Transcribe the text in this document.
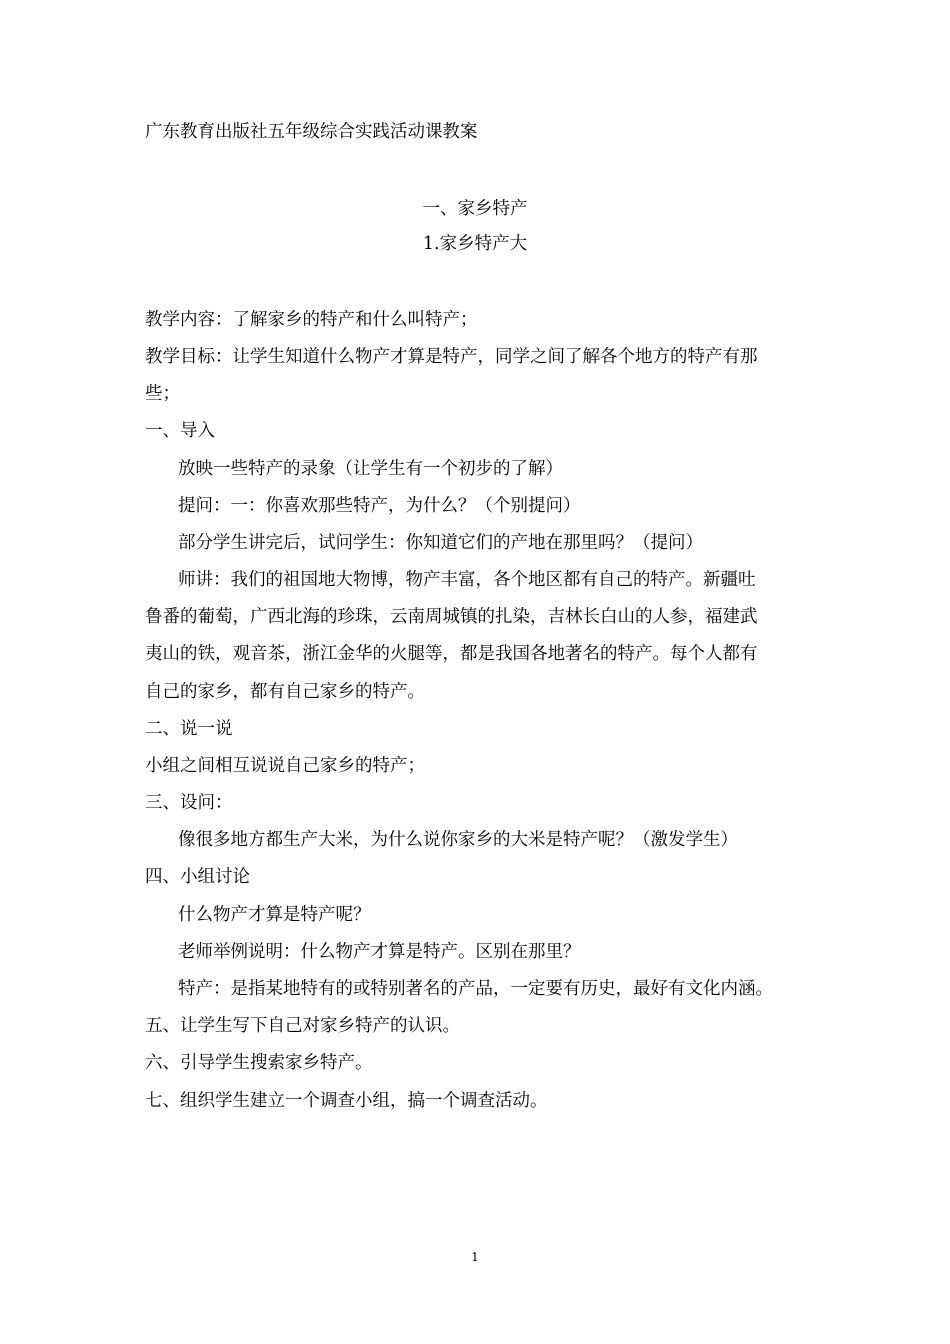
广东教育出版社五年级综合实践活动课教案
一、家乡特产
1.家乡特产大
教学内容：了解家乡的特产和什么叫特产；
教学目标：让学生知道什么物产才算是特产，同学之间了解各个地方的特产有那
些；
一、导入
放映一些特产的录象（让学生有一个初步的了解）
提问：一：你喜欢那些特产，为什么？（个别提问）
部分学生讲完后，试问学生：你知道它们的产地在那里吗？（提问）
师讲：我们的祖国地大物博，物产丰富，各个地区都有自己的特产。新疆吐
鲁番的葡萄，广西北海的珍珠，云南周城镇的扎染，吉林长白山的人参，福建武
夷山的铁，观音茶，浙江金华的火腿等，都是我国各地著名的特产。每个人都有
自己的家乡，都有自己家乡的特产。
二、说一说
小组之间相互说说自己家乡的特产；
三、设问：
像很多地方都生产大米，为什么说你家乡的大米是特产呢？（激发学生）
四、小组讨论
什么物产才算是特产呢？
老师举例说明：什么物产才算是特产。区别在那里？
特产：是指某地特有的或特别著名的产品，一定要有历史，最好有文化内涵。
五、让学生写下自己对家乡特产的认识。
六、引导学生搜索家乡特产。
七、组织学生建立一个调查小组，搞一个调查活动。
1
